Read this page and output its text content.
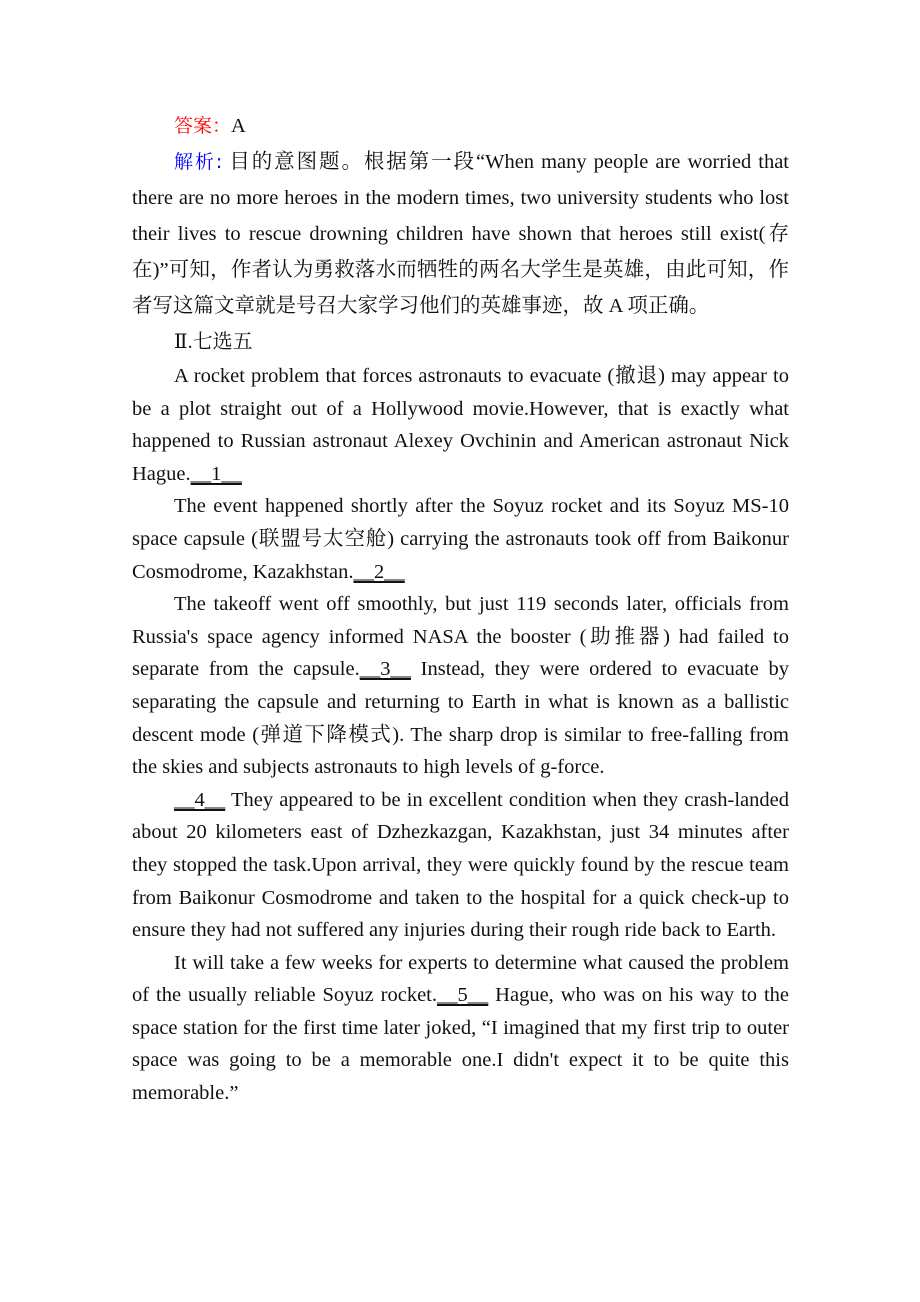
答案：A

解析: 目的意图题。根据第一段“When many people are worried that there are no more heroes in the modern times, two university students who lost their lives to rescue drowning children have shown that heroes still exist(存在)”可知，作者认为勇救落水而牺牲的两名大学生是英雄，由此可知，作者写这篇文章就是号召大家学习他们的英雄事迹，故 A 项正确。

Ⅱ.七选五

A rocket problem that forces astronauts to evacuate (撤退) may appear to be a plot straight out of a Hollywood movie.However, that is exactly what happened to Russian astronaut Alexey Ovchinin and American astronaut Nick Hague.__1__

The event happened shortly after the Soyuz rocket and its Soyuz MS-10 space capsule (联盟号太空舱) carrying the astronauts took off from Baikonur Cosmodrome, Kazakhstan.__2__

The takeoff went off smoothly, but just 119 seconds later, officials from Russia's space agency informed NASA the booster (助推器) had failed to separate from the capsule.__3__ Instead, they were ordered to evacuate by separating the capsule and returning to Earth in what is known as a ballistic descent mode (弹道下降模式). The sharp drop is similar to free-falling from the skies and subjects astronauts to high levels of g-force.

__4__ They appeared to be in excellent condition when they crash-landed about 20 kilometers east of Dzhezkazgan, Kazakhstan, just 34 minutes after they stopped the task.Upon arrival, they were quickly found by the rescue team from Baikonur Cosmodrome and taken to the hospital for a quick check-up to ensure they had not suffered any injuries during their rough ride back to Earth.

It will take a few weeks for experts to determine what caused the problem of the usually reliable Soyuz rocket.__5__ Hague, who was on his way to the space station for the first time later joked, “I imagined that my first trip to outer space was going to be a memorable one.I didn't expect it to be quite this memorable.”
